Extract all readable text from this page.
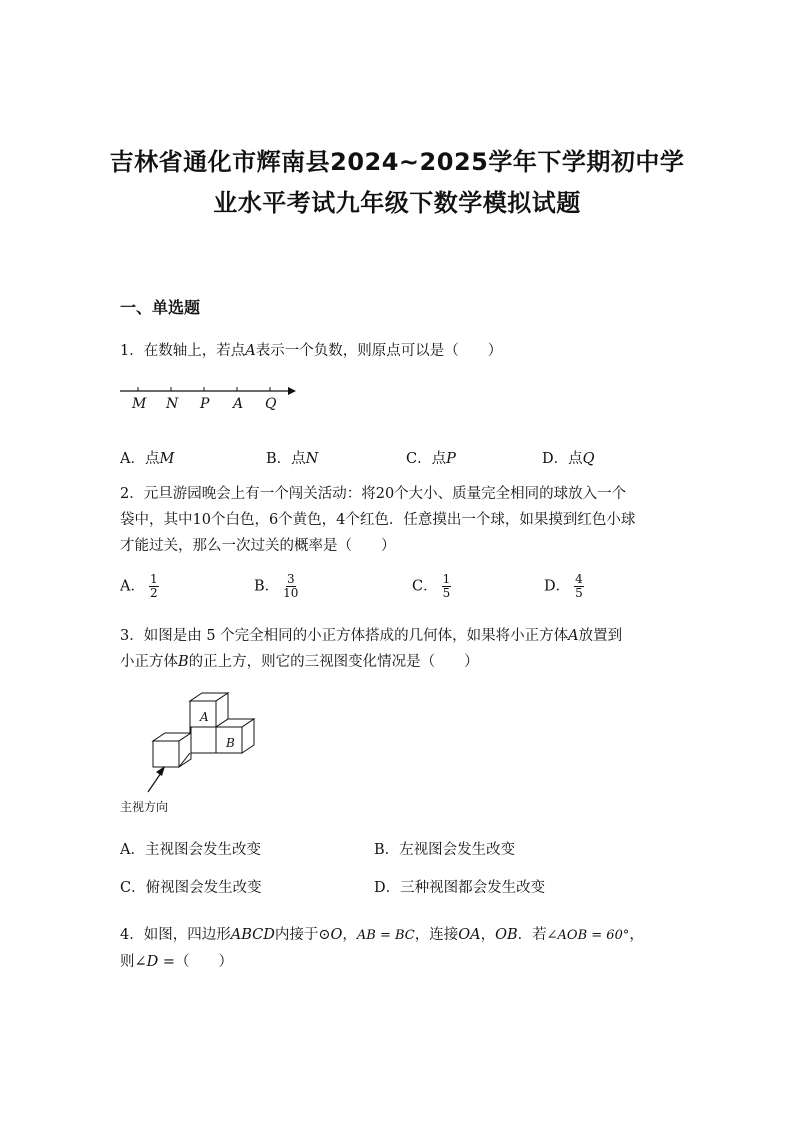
吉林省通化市辉南县2024~2025学年下学期初中学
业水平考试九年级下数学模拟试题
一、单选题
1．在数轴上，若点A表示一个负数，则原点可以是（　　）
M N P A Q
A．点M	B．点N	C．点P	D．点Q
2．元旦游园晚会上有一个闯关活动：将20个大小、质量完全相同的球放入一个
袋中，其中10个白色，6个黄色，4个红色．任意摸出一个球，如果摸到红色小球
才能过关，那么一次过关的概率是（　　）
A． $\frac{1}{2}$	B． $\frac{3}{10}$	C． $\frac{1}{5}$	D． $\frac{4}{5}$
3．如图是由 5 个完全相同的小正方体搭成的几何体，如果将小正方体A放置到
小正方体B的正上方，则它的三视图变化情况是（　　）
A
B
主视方向
A．主视图会发生改变	B．左视图会发生改变
C．俯视图会发生改变	D．三种视图都会发生改变
4．如图，四边形ABCD内接于⊙O，AB = BC，连接OA，OB．若∠AOB = 60°，
则∠D =（　　）
